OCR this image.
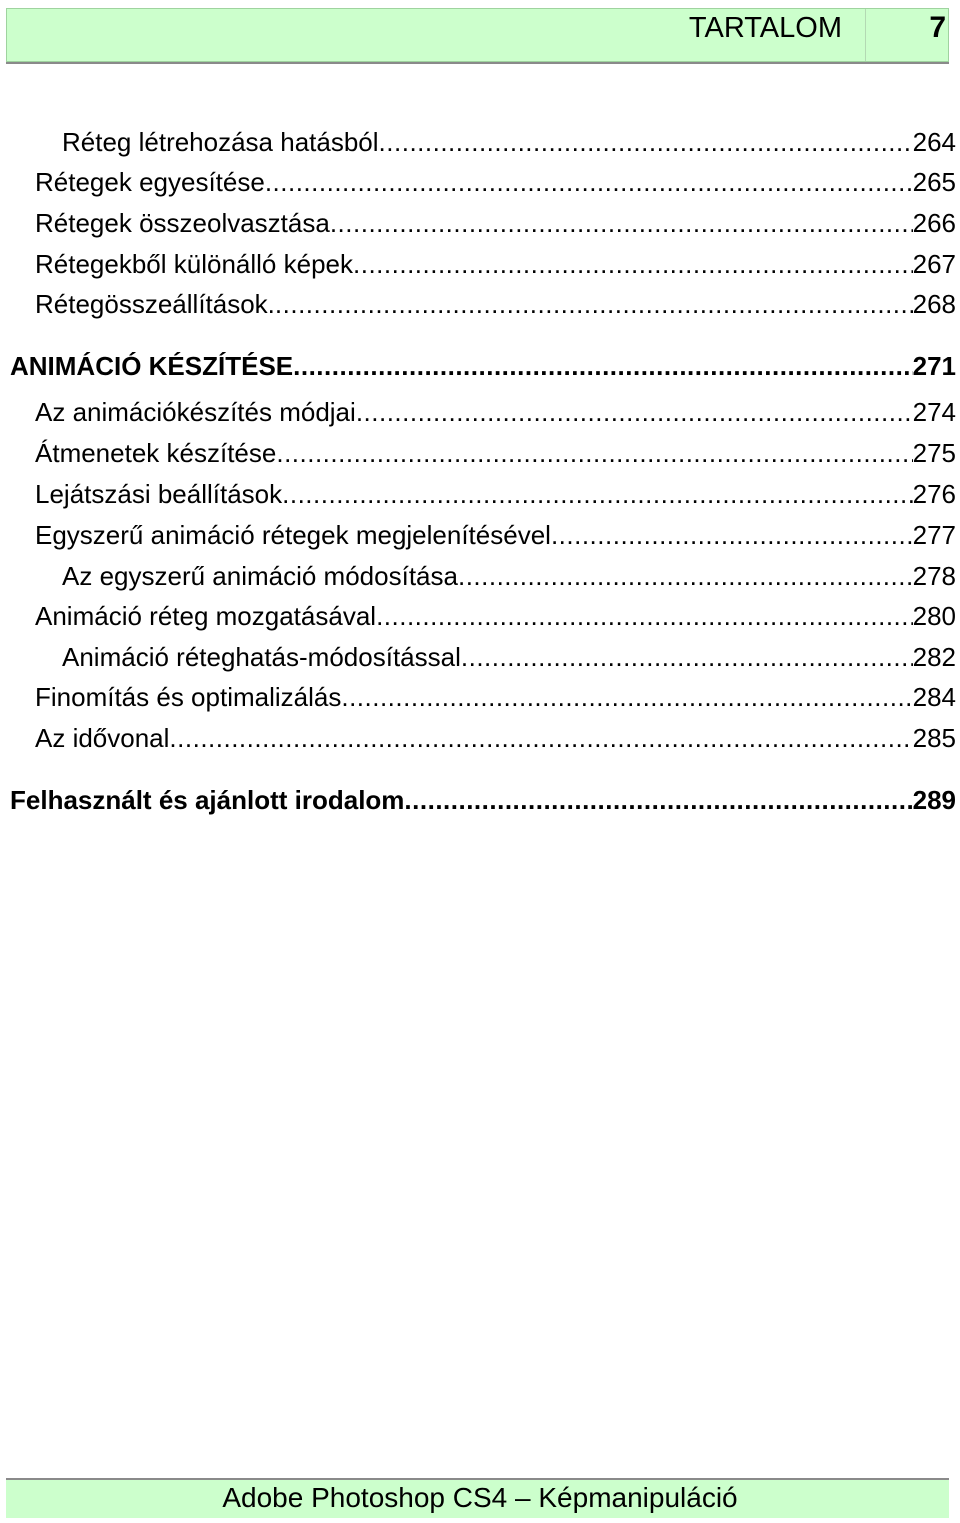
TARTALOM	7
Réteg létrehozása hatásból .....	264
Rétegek egyesítése .....	265
Rétegek összeolvasztása .....	266
Rétegekből különálló képek .....	267
Rétegösszeállítások. .....	268
ANIMÁCIÓ KÉSZÍTÉSE .....	271
Az animációkészítés módjai .....	274
Átmenetek készítése .....	275
Lejátszási beállítások .....	276
Egyszerű animáció rétegek megjelenítésével .....	277
Az egyszerű animáció módosítása .....	278
Animáció réteg mozgatásával .....	280
Animáció réteghatás-módosítással .....	282
Finomítás és optimalizálás .....	284
Az idővonal .....	285
Felhasznált és ajánlott irodalom .....	289
Adobe Photoshop CS4 – Képmanipuláció
